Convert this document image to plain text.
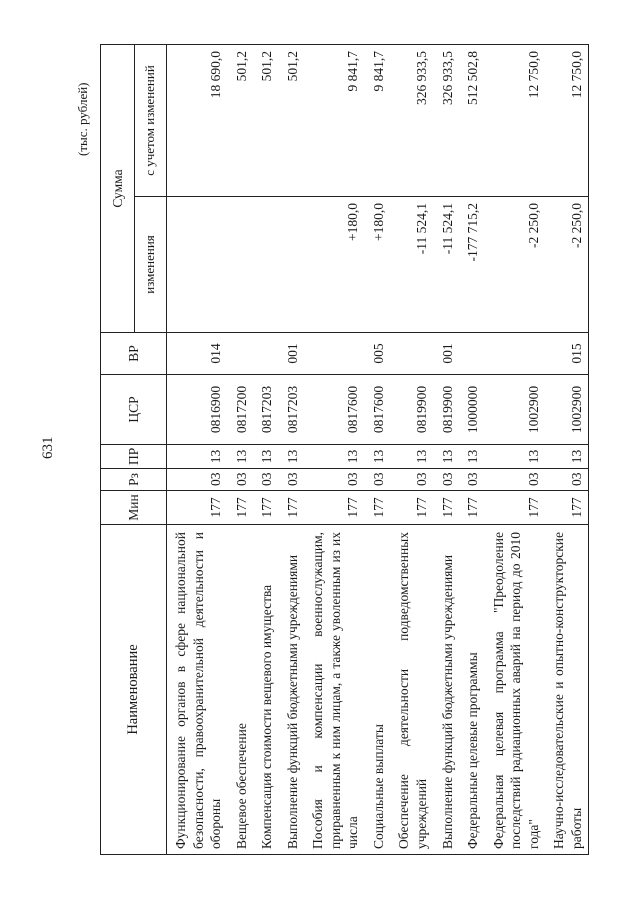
631
(тыс. рублей)
Наименование	Мин	Рз	ПР	ЦСР	ВР	Сумма	
						изменения	с учетом изменений
Функционирование органов в сфере национальной безопасности, правоохранительной деятельности и обороны	177	03	13	0816900	014		18 690,0
Вещевое обеспечение	177	03	13	0817200			501,2
Компенсация стоимости вещевого имущества	177	03	13	0817203			501,2
Выполнение функций бюджетными учреждениями	177	03	13	0817203	001		501,2
Пособия и компенсации военнослужащим, приравненным к ним лицам, а также уволенным из их числа	177	03	13	0817600		+180,0	9 841,7
Социальные выплаты	177	03	13	0817600	005	+180,0	9 841,7
Обеспечение деятельности подведомственных учреждений	177	03	13	0819900		-11 524,1	326 933,5
Выполнение функций бюджетными учреждениями	177	03	13	0819900	001	-11 524,1	326 933,5
Федеральные целевые программы	177	03	13	1000000		-177 715,2	512 502,8
Федеральная целевая программа "Преодоление последствий радиационных аварий на период до 2010 года"	177	03	13	1002900		-2 250,0	12 750,0
Научно-исследовательские и опытно-конструкторские работы	177	03	13	1002900	015	-2 250,0	12 750,0
